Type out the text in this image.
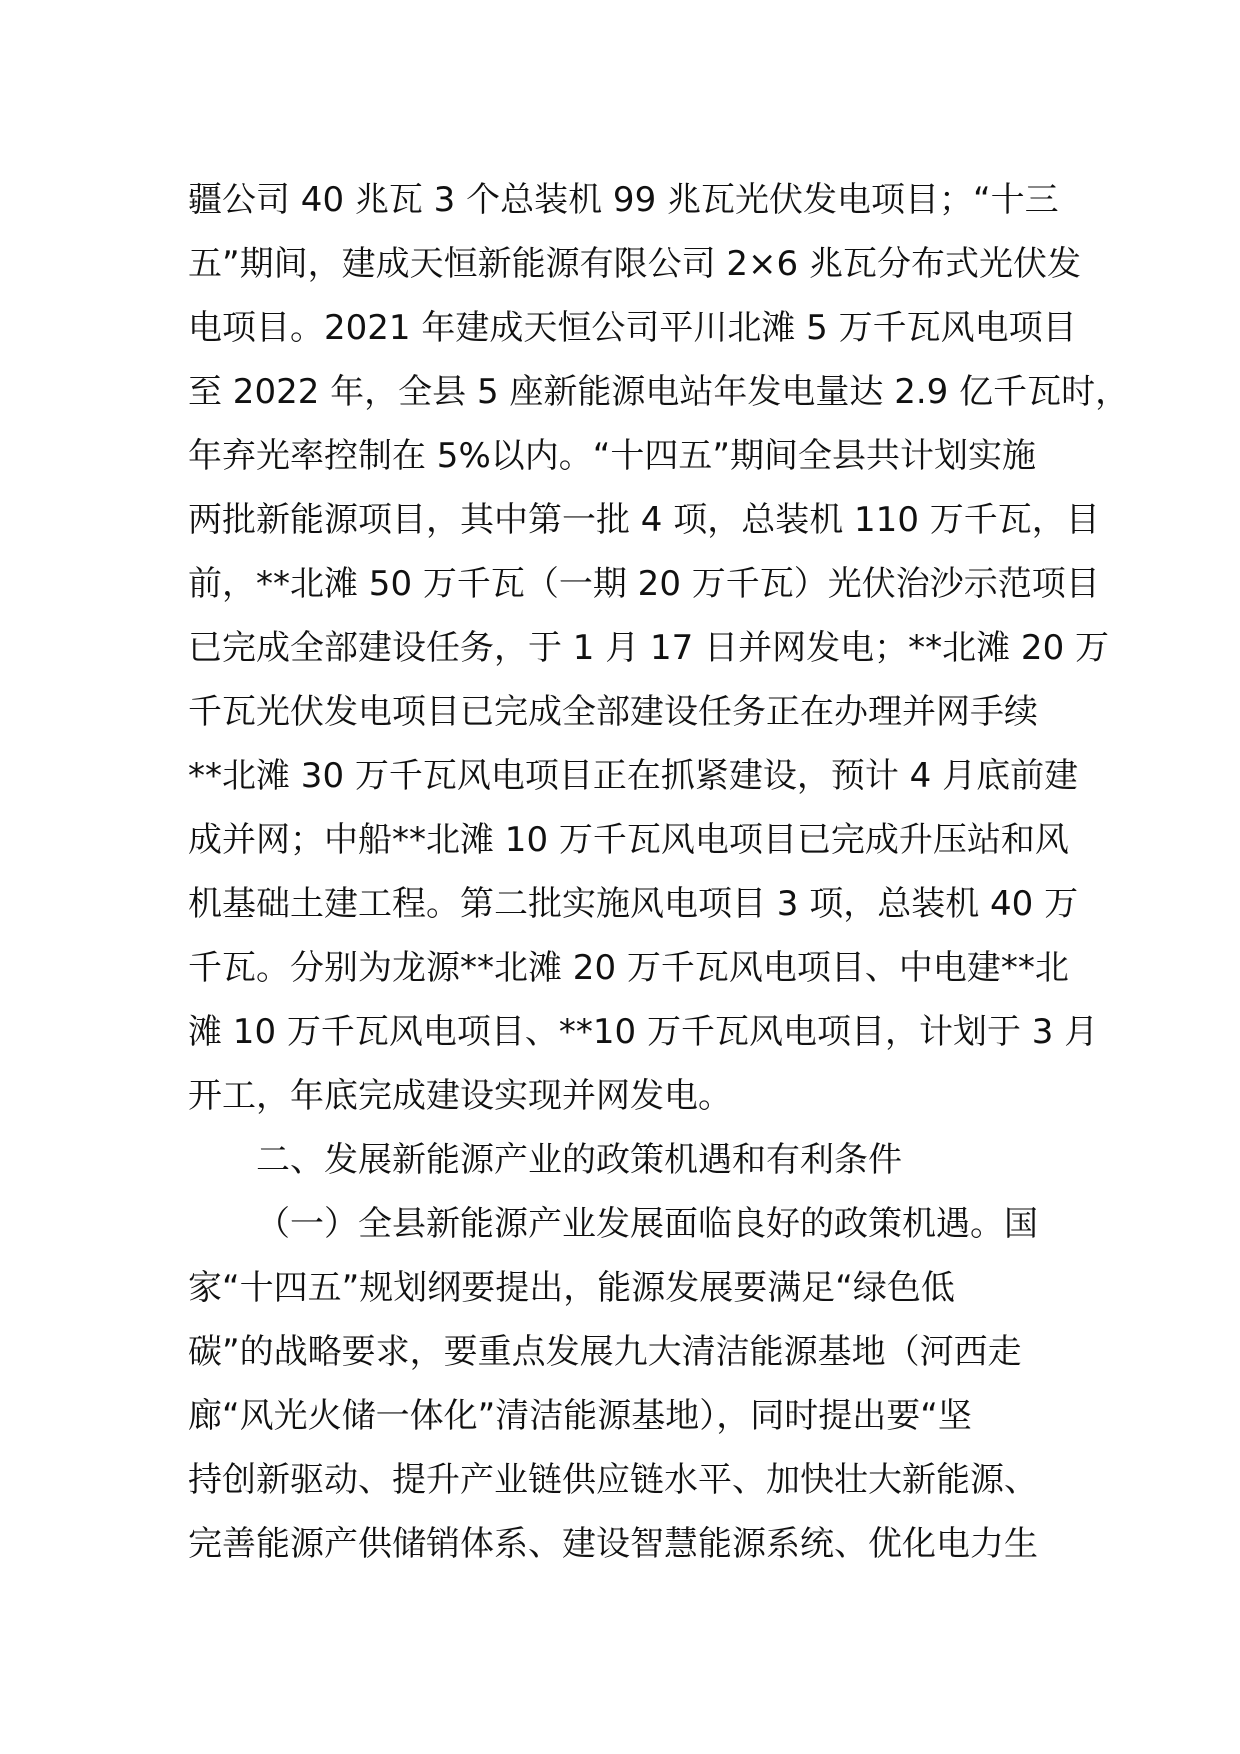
疆公司 40 兆瓦 3 个总装机 99 兆瓦光伏发电项目；“十三
五”期间，建成天恒新能源有限公司 2×6 兆瓦分布式光伏发
电项目。2021 年建成天恒公司平川北滩 5 万千瓦风电项目
至 2022 年，全县 5 座新能源电站年发电量达 2.9 亿千瓦时，
年弃光率控制在 5%以内。“十四五”期间全县共计划实施
两批新能源项目，其中第一批 4 项，总装机 110 万千瓦，目
前，**北滩 50 万千瓦（一期 20 万千瓦）光伏治沙示范项目
已完成全部建设任务，于 1 月 17 日并网发电；**北滩 20 万
千瓦光伏发电项目已完成全部建设任务正在办理并网手续
**北滩 30 万千瓦风电项目正在抓紧建设，预计 4 月底前建
成并网；中船**北滩 10 万千瓦风电项目已完成升压站和风
机基础土建工程。第二批实施风电项目 3 项，总装机 40 万
千瓦。分别为龙源**北滩 20 万千瓦风电项目、中电建**北
滩 10 万千瓦风电项目、**10 万千瓦风电项目，计划于 3 月
开工，年底完成建设实现并网发电。
二、发展新能源产业的政策机遇和有利条件
（一）全县新能源产业发展面临良好的政策机遇。国
家“十四五”规划纲要提出，能源发展要满足“绿色低
碳”的战略要求，要重点发展九大清洁能源基地（河西走
廊“风光火储一体化”清洁能源基地），同时提出要“坚
持创新驱动、提升产业链供应链水平、加快壮大新能源、
完善能源产供储销体系、建设智慧能源系统、优化电力生
